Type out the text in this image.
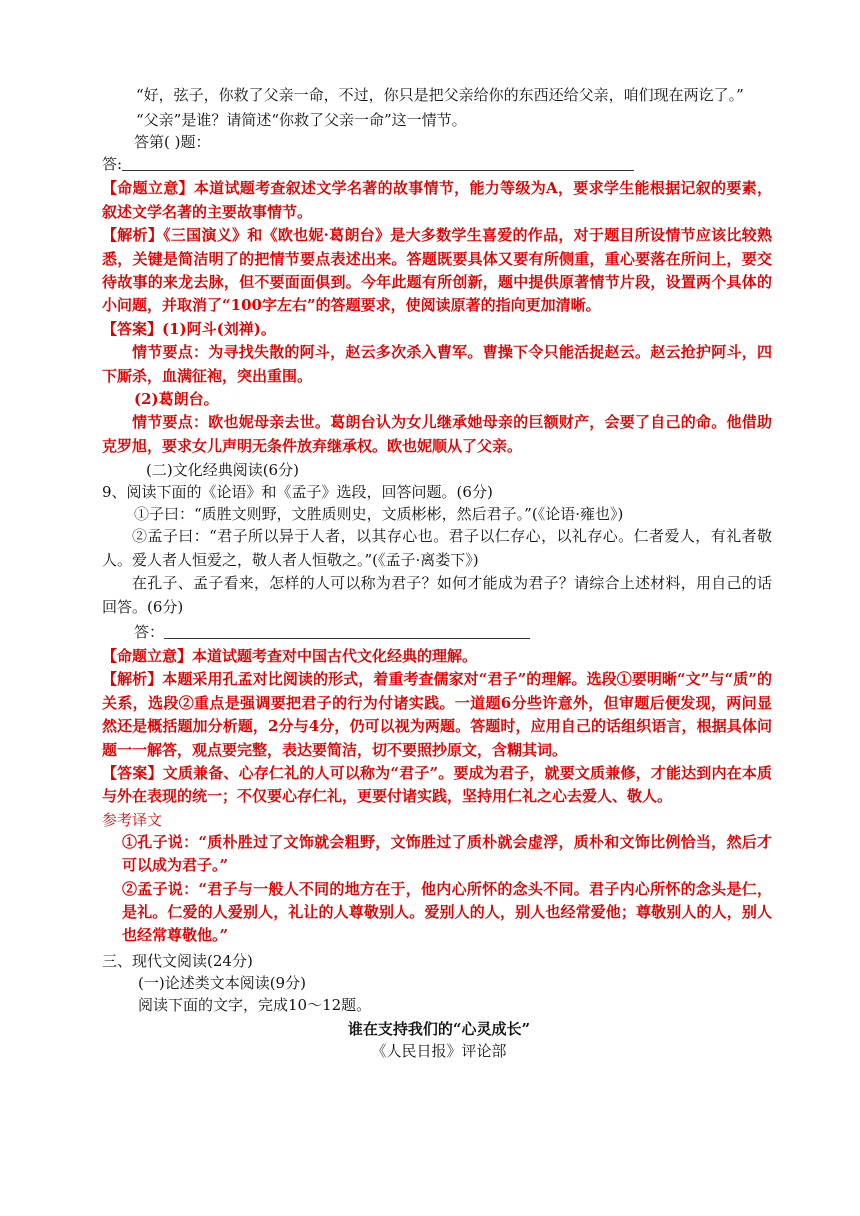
“好，弦子，你救了父亲一命，不过，你只是把父亲给你的东西还给父亲，咱们现在两讫了。”

“父亲”是谁？请简述“你救了父亲一命”这一情节。

答第( )题：

答:

【命题立意】本道试题考查叙述文学名著的故事情节，能力等级为A，要求学生能根据记叙的要素，叙述文学名著的主要故事情节。

【解析】《三国演义》和《欧也妮·葛朗台》是大多数学生喜爱的作品，对于题目所设情节应该比较熟悉，关键是简洁明了的把情节要点表述出来。答题既要具体又要有所侧重，重心要落在所问上，要交待故事的来龙去脉，但不要面面俱到。今年此题有所创新，题中提供原著情节片段，设置两个具体的小问题，并取消了“100字左右”的答题要求，使阅读原著的指向更加清晰。

【答案】(1)阿斗(刘禅)。

情节要点：为寻找失散的阿斗，赵云多次杀入曹军。曹操下令只能活捉赵云。赵云抢护阿斗，四下厮杀，血满征袍，突出重围。

(2)葛朗台。

情节要点：欧也妮母亲去世。葛朗台认为女儿继承她母亲的巨额财产，会要了自己的命。他借助克罗旭，要求女儿声明无条件放弃继承权。欧也妮顺从了父亲。

(二)文化经典阅读(6分)

9、阅读下面的《论语》和《孟子》选段，回答问题。(6分)

①子曰：“质胜文则野，文胜质则史，文质彬彬，然后君子。”(《论语·雍也》)

②孟子曰：“君子所以异于人者，以其存心也。君子以仁存心，以礼存心。仁者爱人，有礼者敬人。爱人者人恒爱之，敬人者人恒敬之。”(《孟子·离娄下》)

在孔子、孟子看来，怎样的人可以称为君子？如何才能成为君子？请综合上述材料，用自己的话回答。(6分)

答：

【命题立意】本道试题考查对中国古代文化经典的理解。

【解析】本题采用孔孟对比阅读的形式，着重考查儒家对“君子”的理解。选段①要明晰“文”与“质”的关系，选段②重点是强调要把君子的行为付诸实践。一道题6分些许意外，但审题后便发现，两问显然还是概括题加分析题，2分与4分，仍可以视为两题。答题时，应用自己的话组织语言，根据具体问题一一解答，观点要完整，表达要简洁，切不要照抄原文，含糊其词。

【答案】文质兼备、心存仁礼的人可以称为“君子”。要成为君子，就要文质兼修，才能达到内在本质与外在表现的统一；不仅要心存仁礼，更要付诸实践，坚持用仁礼之心去爱人、敬人。

参考译文

①孔子说：“质朴胜过了文饰就会粗野，文饰胜过了质朴就会虚浮，质朴和文饰比例恰当，然后才可以成为君子。”

②孟子说：“君子与一般人不同的地方在于，他内心所怀的念头不同。君子内心所怀的念头是仁，是礼。仁爱的人爱别人，礼让的人尊敬别人。爱别人的人，别人也经常爱他；尊敬别人的人，别人也经常尊敬他。”

三、现代文阅读(24分)

(一)论述类文本阅读(9分)

阅读下面的文字，完成10～12题。

谁在支持我们的“心灵成长”

《人民日报》评论部
